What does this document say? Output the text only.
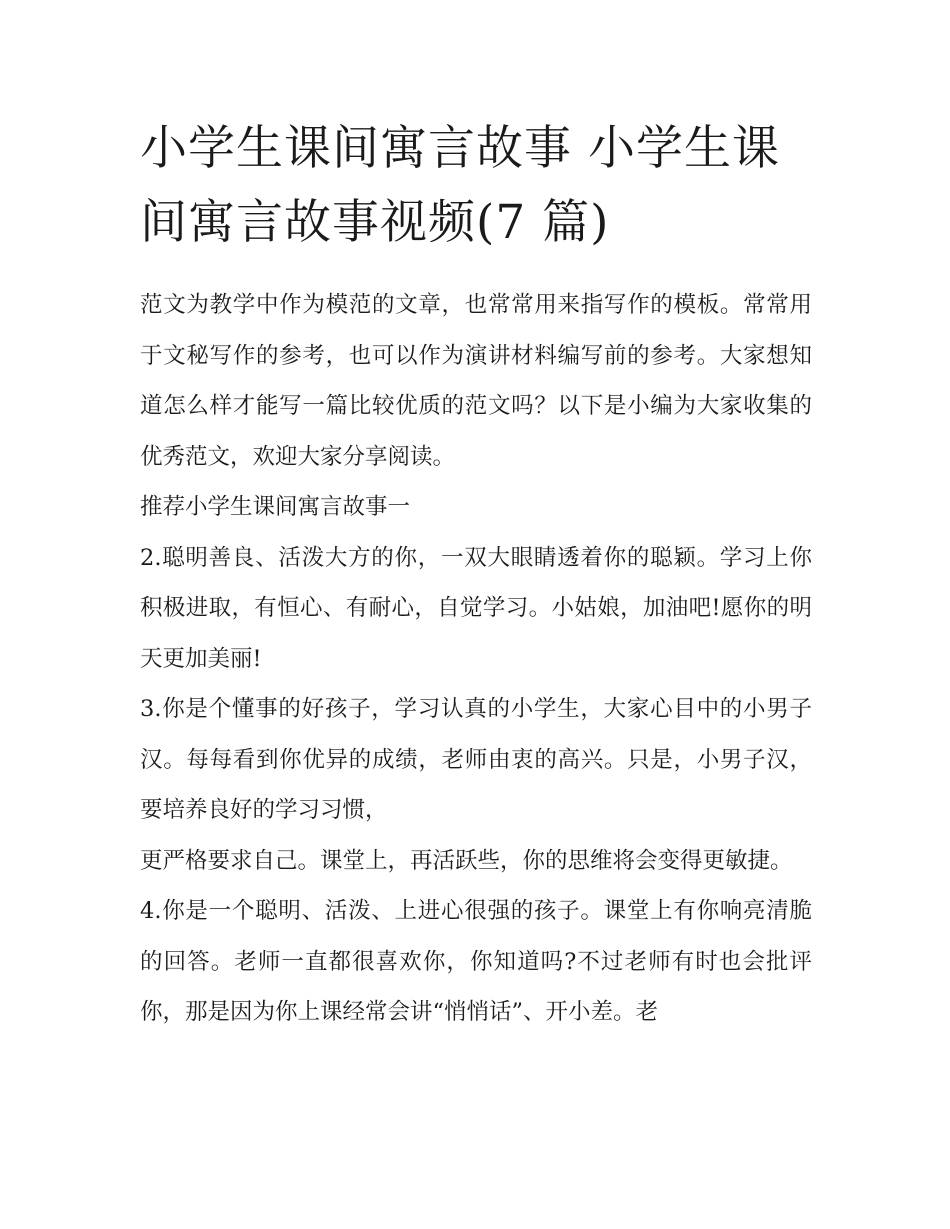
小学生课间寓言故事 小学生课间寓言故事视频(7 篇)

范文为教学中作为模范的文章，也常常用来指写作的模板。常常用于文秘写作的参考，也可以作为演讲材料编写前的参考。大家想知道怎么样才能写一篇比较优质的范文吗？以下是小编为大家收集的优秀范文，欢迎大家分享阅读。

推荐小学生课间寓言故事一

2.聪明善良、活泼大方的你，一双大眼睛透着你的聪颖。学习上你积极进取，有恒心、有耐心，自觉学习。小姑娘，加油吧!愿你的明天更加美丽!

3.你是个懂事的好孩子，学习认真的小学生，大家心目中的小男子汉。每每看到你优异的成绩，老师由衷的高兴。只是，小男子汉，要培养良好的学习习惯，

更严格要求自己。课堂上，再活跃些，你的思维将会变得更敏捷。

4.你是一个聪明、活泼、上进心很强的孩子。课堂上有你响亮清脆的回答。老师一直都很喜欢你，你知道吗?不过老师有时也会批评你，那是因为你上课经常会讲“悄悄话”、开小差。老
